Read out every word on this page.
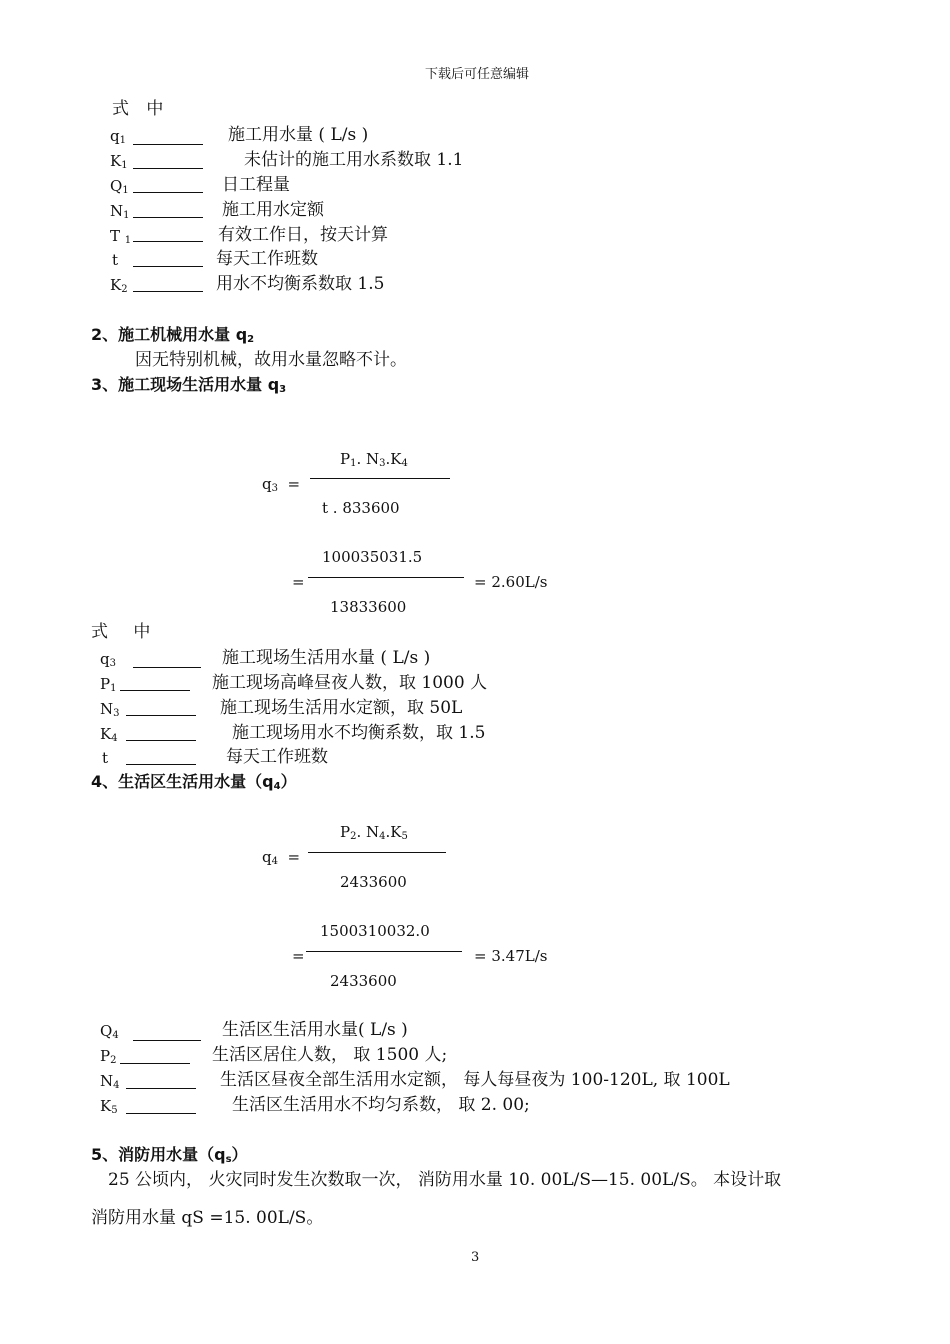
下载后可任意编辑
式 中
$q_1$	施工用水量 ( L/s )
$K_1$	未估计的施工用水系数取 1.1
$Q_1$	日工程量
$N_1$	施工用水定额
T $_1$	有效工作日，按天计算
t	每天工作班数
$K_2$	用水不均衡系数取 1.5
2、施工机械用水量 $q_2$
因无特别机械，故用水量忽略不计。
3、施工现场生活用水量 $q_3$
$P_1$. $N_3.K_4$
$q_3$ =
t . 833600
100035031.5
=	= 2.60L/s
13833600
式 中
$q_3$	施工现场生活用水量 ( L/s )
$P_1$	施工现场高峰昼夜人数，取 1000 人
$N_3$	施工现场生活用水定额，取 50L
$K_4$	施工现场用水不均衡系数，取 1.5
t	每天工作班数
4、生活区生活用水量$(q_4)$
$P_2$. $N_4.K_5$
$q_4$ =
2433600
1500310032.0
=	= 3.47L/s
2433600
$Q_4$	生活区生活用水量( L/s )
$P_2$	生活区居住人数， 取 1500 人;
$N_4$	生活区昼夜全部生活用水定额， 每人每昼夜为 100-120L, 取 100L
$K_5$	生活区生活用水不均匀系数， 取 2. 00;
5、消防用水量$(q_s)$
25 公顷内， 火灾同时发生次数取一次， 消防用水量 10. 00L/S—15. 00L/S。 本设计取
消防用水量 qS =15. 00L/S。
3
